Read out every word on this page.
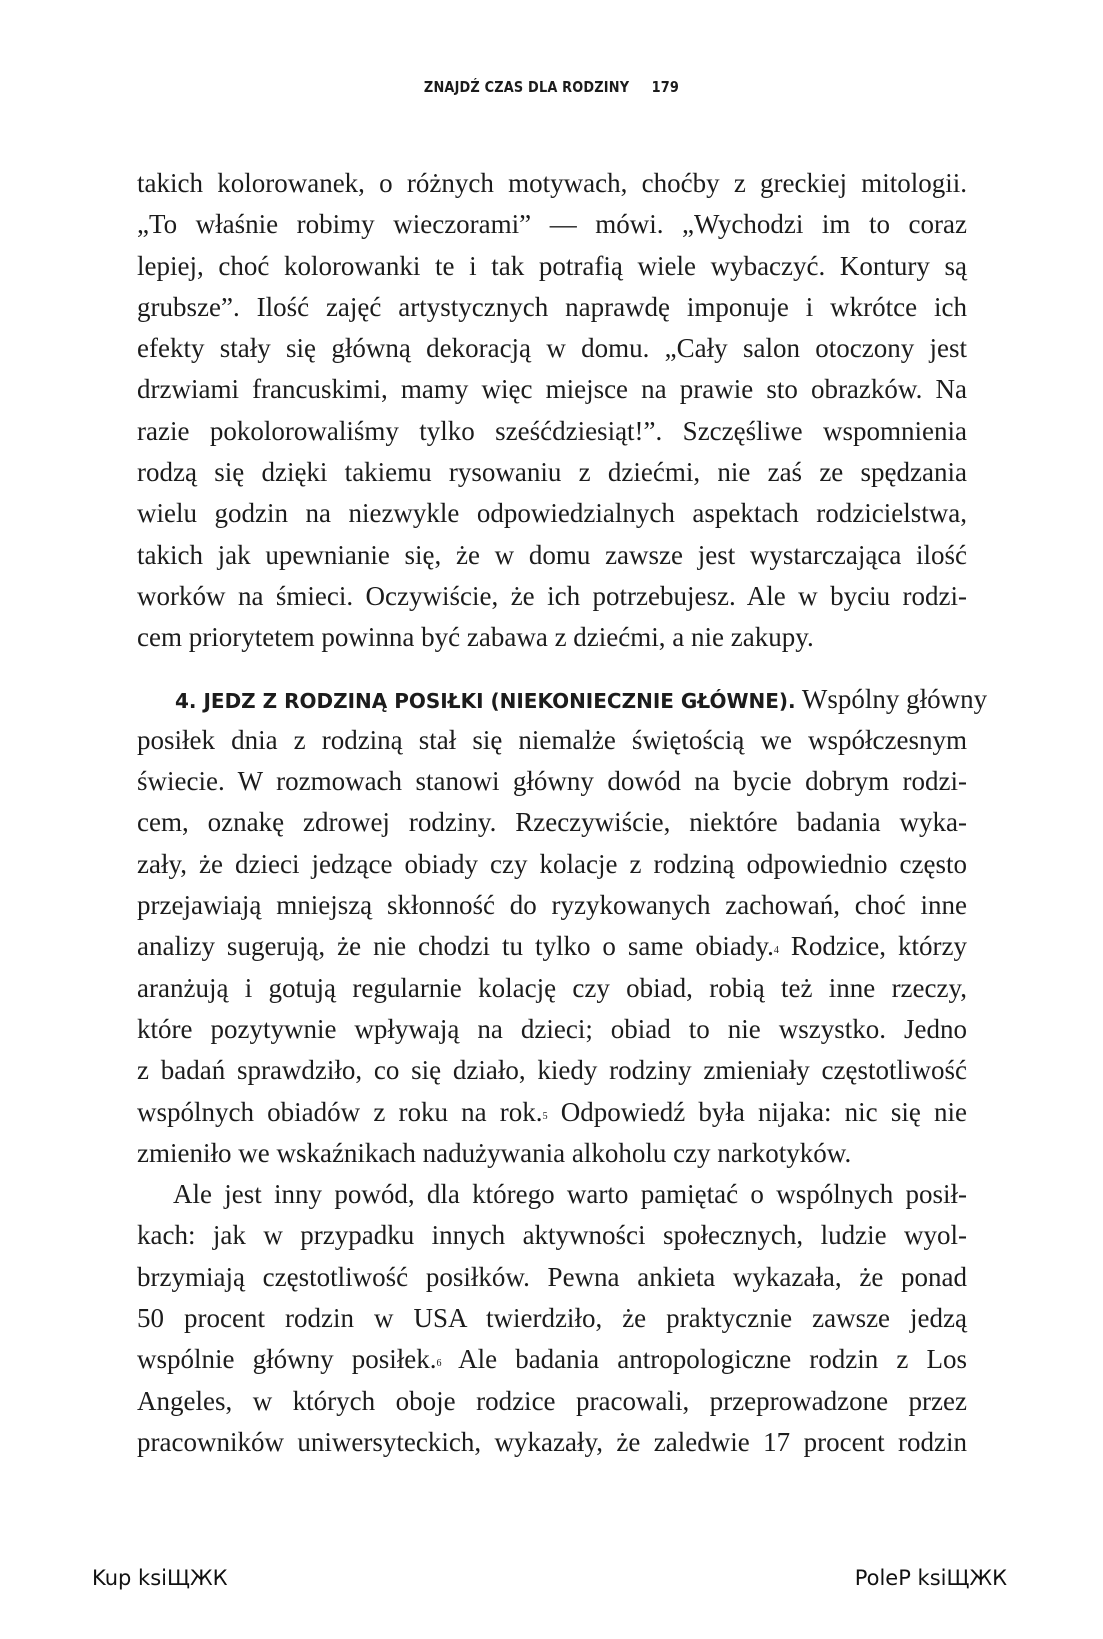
ZNAJDŹ CZAS DLA RODZINY 179
takich kolorowanek, o różnych motywach, choćby z greckiej mitologii.
„To właśnie robimy wieczorami” — mówi. „Wychodzi im to coraz
lepiej, choć kolorowanki te i tak potrafią wiele wybaczyć. Kontury są
grubsze”. Ilość zajęć artystycznych naprawdę imponuje i wkrótce ich
efekty stały się główną dekoracją w domu. „Cały salon otoczony jest
drzwiami francuskimi, mamy więc miejsce na prawie sto obrazków. Na
razie pokolorowaliśmy tylko sześćdziesiąt!”. Szczęśliwe wspomnienia
rodzą się dzięki takiemu rysowaniu z dziećmi, nie zaś ze spędzania
wielu godzin na niezwykle odpowiedzialnych aspektach rodzicielstwa,
takich jak upewnianie się, że w domu zawsze jest wystarczająca ilość
worków na śmieci. Oczywiście, że ich potrzebujesz. Ale w byciu rodzi-
cem priorytetem powinna być zabawa z dziećmi, a nie zakupy.
4. JEDZ Z RODZINĄ POSIŁKI (NIEKONIECZNIE GŁÓWNE). Wspólny główny
posiłek dnia z rodziną stał się niemalże świętością we współczesnym
świecie. W rozmowach stanowi główny dowód na bycie dobrym rodzi-
cem, oznakę zdrowej rodziny. Rzeczywiście, niektóre badania wyka-
zały, że dzieci jedzące obiady czy kolacje z rodziną odpowiednio często
przejawiają mniejszą skłonność do ryzykowanych zachowań, choć inne
analizy sugerują, że nie chodzi tu tylko o same obiady.$^4$ Rodzice, którzy
aranżują i gotują regularnie kolację czy obiad, robią też inne rzeczy,
które pozytywnie wpływają na dzieci; obiad to nie wszystko. Jedno
z badań sprawdziło, co się działo, kiedy rodziny zmieniały częstotliwość
wspólnych obiadów z roku na rok.$^5$ Odpowiedź była nijaka: nic się nie
zmieniło we wskaźnikach nadużywania alkoholu czy narkotyków.
Ale jest inny powód, dla którego warto pamiętać o wspólnych posił-
kach: jak w przypadku innych aktywności społecznych, ludzie wyol-
brzymiają częstotliwość posiłków. Pewna ankieta wykazała, że ponad
50 procent rodzin w USA twierdziło, że praktycznie zawsze jedzą
wspólnie główny posiłek.$^6$ Ale badania antropologiczne rodzin z Los
Angeles, w których oboje rodzice pracowali, przeprowadzone przez
pracowników uniwersyteckich, wykazały, że zaledwie 17 procent rodzin
Kup ksiЩЖК	PoleР ksiЩЖК
